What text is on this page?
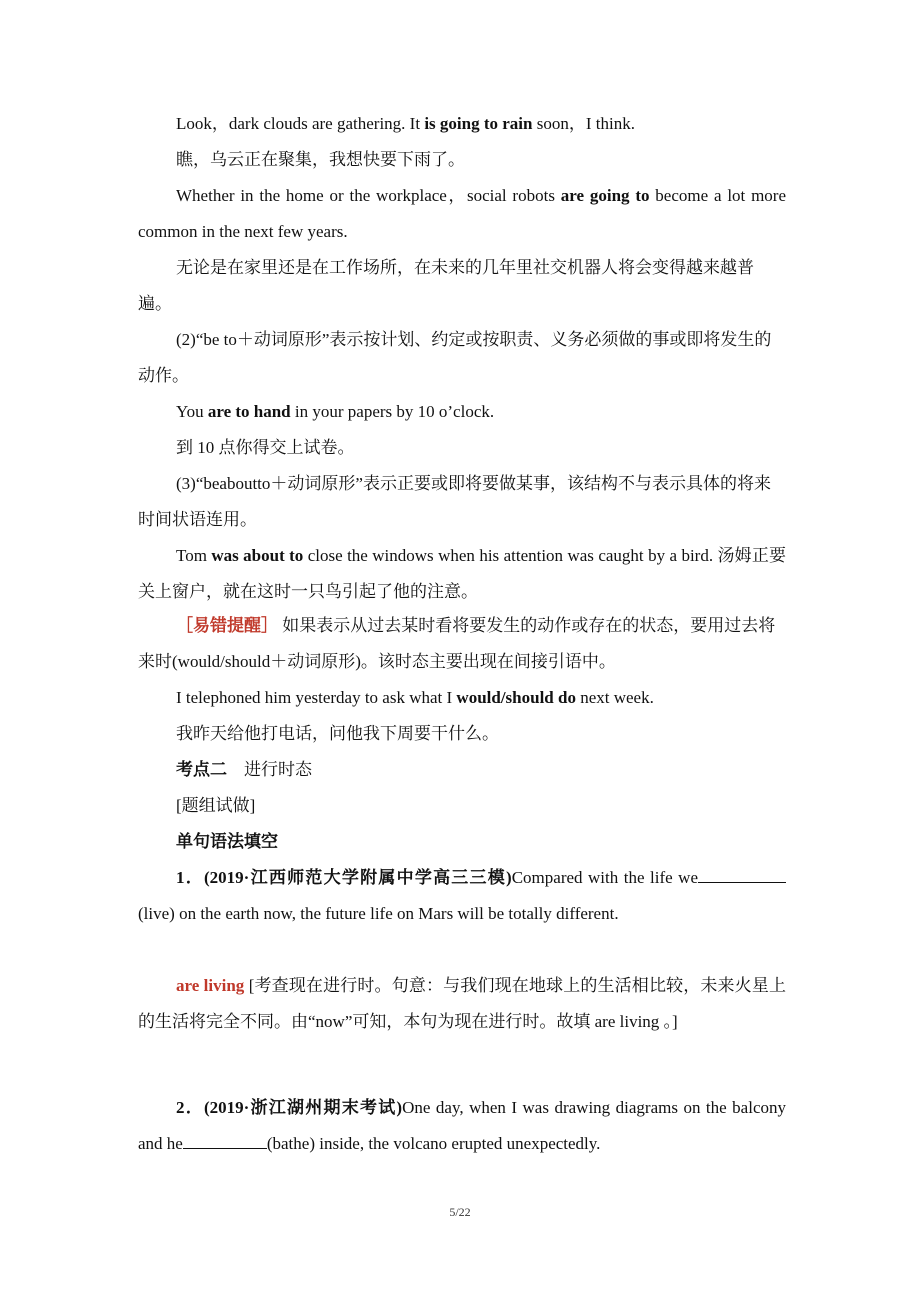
Look，dark clouds are gathering. It is going to rain soon，I think.
瞧，乌云正在聚集，我想快要下雨了。
Whether in the home or the workplace，social robots are going to become a lot more common in the next few years.
无论是在家里还是在工作场所，在未来的几年里社交机器人将会变得越来越普遍。
(2)“be to＋动词原形”表示按计划、约定或按职责、义务必须做的事或即将发生的动作。
You are to hand in your papers by 10 o’clock.
到 10 点你得交上试卷。
(3)“beaboutto＋动词原形”表示正要或即将要做某事，该结构不与表示具体的将来时间状语连用。
Tom was about to close the windows when his attention was caught by a bird. 汤姆正要关上窗户，就在这时一只鸟引起了他的注意。
［易错提醒］ 如果表示从过去某时看将要发生的动作或存在的状态，要用过去将来时(would/should＋动词原形)。该时态主要出现在间接引语中。
I telephoned him yesterday to ask what I would/should do next week.
我昨天给他打电话，问他我下周要干什么。
考点二　进行时态
[题组试做]
单句语法填空
1．(2019·江西师范大学附属中学高三三模)Compared with the life we(live) on the earth now, the future life on Mars will be totally different.
are living [考查现在进行时。句意：与我们现在地球上的生活相比较，未来火星上的生活将完全不同。由“now”可知，本句为现在进行时。故填 are living 。]
2．(2019·浙江湖州期末考试)One day, when I was drawing diagrams on the balcony and he	(bathe) inside, the volcano erupted unexpectedly.
5/22
